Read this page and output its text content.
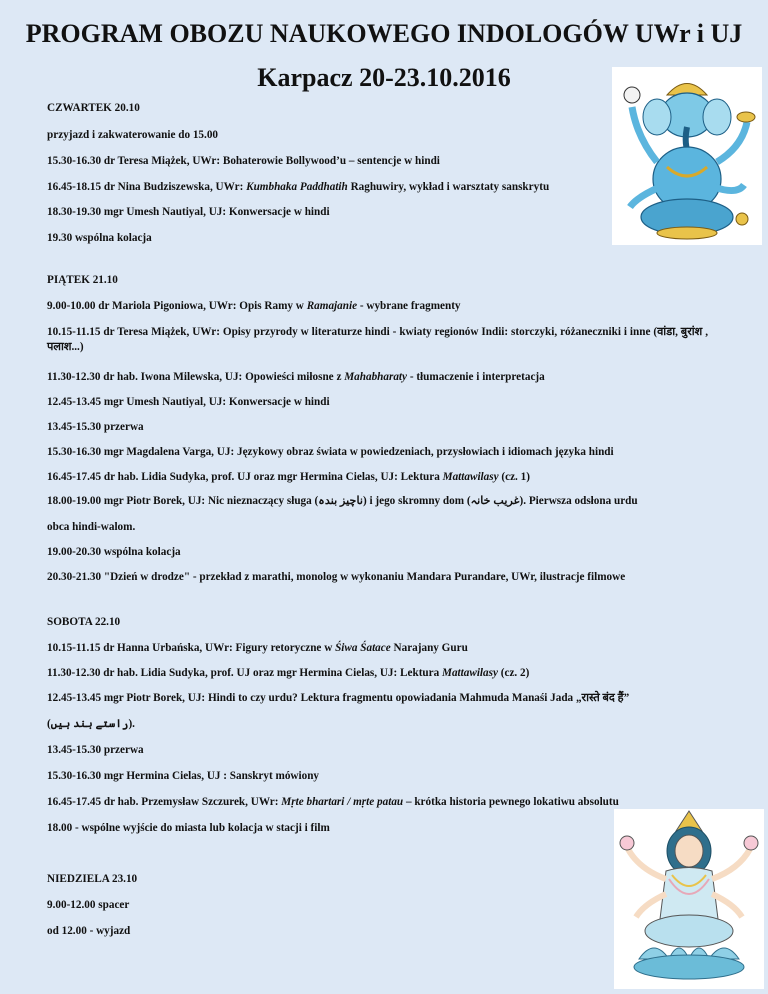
PROGRAM OBOZU NAUKOWEGO INDOLOGÓW UWr i UJ
Karpacz 20-23.10.2016
CZWARTEK 20.10
przyjazd i zakwaterowanie do 15.00
15.30-16.30 dr Teresa Miążek, UWr: Bohaterowie Bollywood’u – sentencje w hindi
16.45-18.15 dr Nina Budziszewska, UWr: Kumbhaka Paddhatih Raghuwiry, wykład i warsztaty sanskrytu
18.30-19.30 mgr Umesh Nautiyal, UJ: Konwersacje w hindi
19.30 wspólna kolacja
PIĄTEK 21.10
9.00-10.00 dr Mariola Pigoniowa, UWr: Opis Ramy w Ramajanie - wybrane fragmenty
10.15-11.15 dr Teresa Miążek, UWr: Opisy przyrody w literaturze hindi - kwiaty regionów Indii: storczyki, różaneczniki i inne (वांडा, बुरांश , पलाश...)
11.30-12.30 dr hab. Iwona Milewska, UJ: Opowieści miłosne z Mahabharaty - tłumaczenie i interpretacja
12.45-13.45 mgr Umesh Nautiyal, UJ: Konwersacje w hindi
13.45-15.30 przerwa
15.30-16.30 mgr Magdalena Varga, UJ: Językowy obraz świata w powiedzeniach, przysłowiach i idiomach języka hindi
16.45-17.45 dr hab. Lidia Sudyka, prof. UJ oraz mgr Hermina Cielas, UJ: Lektura Mattawilasy (cz. 1)
18.00-19.00 mgr Piotr Borek, UJ: Nic nieznaczący sługa (ناچیز بندہ) i jego skromny dom (غریب خانہ). Pierwsza odsłona urdu
obca hindi-walom.
19.00-20.30 wspólna kolacja
20.30-21.30 "Dzień w drodze" - przekład z marathi, monolog w wykonaniu Mandara Purandare, UWr, ilustracje filmowe
SOBOTA 22.10
10.15-11.15 dr Hanna Urbańska, UWr: Figury retoryczne w Śiwa Śatace Narajany Guru
11.30-12.30 dr hab. Lidia Sudyka, prof. UJ oraz mgr Hermina Cielas, UJ: Lektura Mattawilasy (cz. 2)
12.45-13.45 mgr Piotr Borek, UJ: Hindi to czy urdu? Lektura fragmentu opowiadania Mahmuda Manaśi Jada „रास्ते बंद हैं”
(راستے بند ہیں).
13.45-15.30 przerwa
15.30-16.30 mgr Hermina Cielas, UJ : Sanskryt mówiony
16.45-17.45 dr hab. Przemysław Szczurek, UWr: Mṛte bhartari / mṛte patau – krótka historia pewnego lokatiwu absolutu
18.00 - wspólne wyjście do miasta lub kolacja w stacji i film
NIEDZIELA 23.10
9.00-12.00 spacer
od 12.00 - wyjazd
